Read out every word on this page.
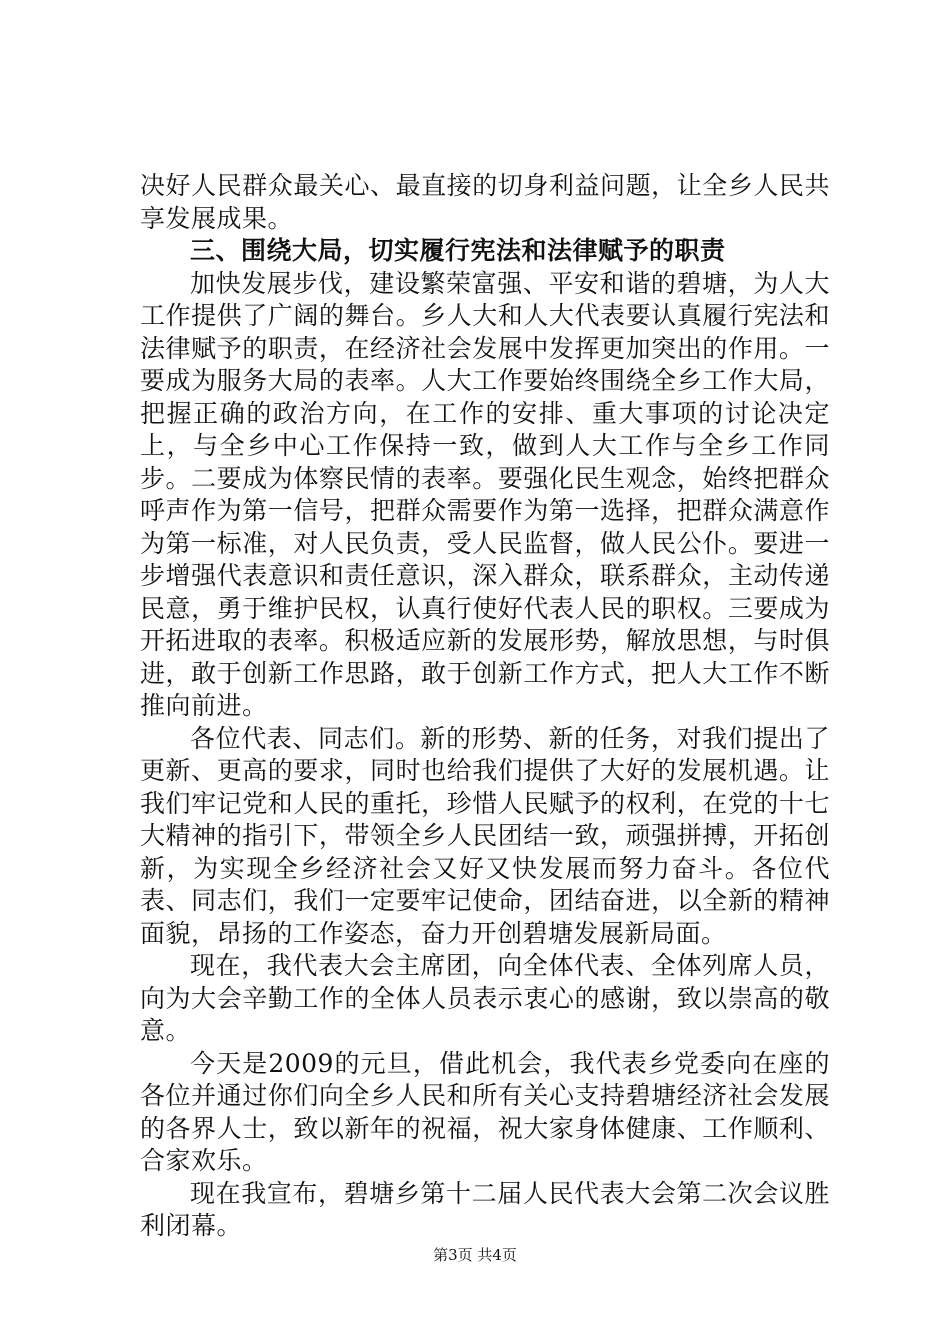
决好人民群众最关心、最直接的切身利益问题，让全乡人民共享发展成果。

三、围绕大局，切实履行宪法和法律赋予的职责

加快发展步伐，建设繁荣富强、平安和谐的碧塘，为人大工作提供了广阔的舞台。乡人大和人大代表要认真履行宪法和法律赋予的职责，在经济社会发展中发挥更加突出的作用。一要成为服务大局的表率。人大工作要始终围绕全乡工作大局，把握正确的政治方向，在工作的安排、重大事项的讨论决定上，与全乡中心工作保持一致，做到人大工作与全乡工作同步。二要成为体察民情的表率。要强化民生观念，始终把群众呼声作为第一信号，把群众需要作为第一选择，把群众满意作为第一标准，对人民负责，受人民监督，做人民公仆。要进一步增强代表意识和责任意识，深入群众，联系群众，主动传递民意，勇于维护民权，认真行使好代表人民的职权。三要成为开拓进取的表率。积极适应新的发展形势，解放思想，与时俱进，敢于创新工作思路，敢于创新工作方式，把人大工作不断推向前进。

各位代表、同志们。新的形势、新的任务，对我们提出了更新、更高的要求，同时也给我们提供了大好的发展机遇。让我们牢记党和人民的重托，珍惜人民赋予的权利，在党的十七大精神的指引下，带领全乡人民团结一致，顽强拼搏，开拓创新，为实现全乡经济社会又好又快发展而努力奋斗。各位代表、同志们，我们一定要牢记使命，团结奋进，以全新的精神面貌，昂扬的工作姿态，奋力开创碧塘发展新局面。

现在，我代表大会主席团，向全体代表、全体列席人员，向为大会辛勤工作的全体人员表示衷心的感谢，致以崇高的敬意。

今天是2009的元旦，借此机会，我代表乡党委向在座的各位并通过你们向全乡人民和所有关心支持碧塘经济社会发展的各界人士，致以新年的祝福，祝大家身体健康、工作顺利、合家欢乐。

现在我宣布，碧塘乡第十二届人民代表大会第二次会议胜利闭幕。

第3页 共4页
